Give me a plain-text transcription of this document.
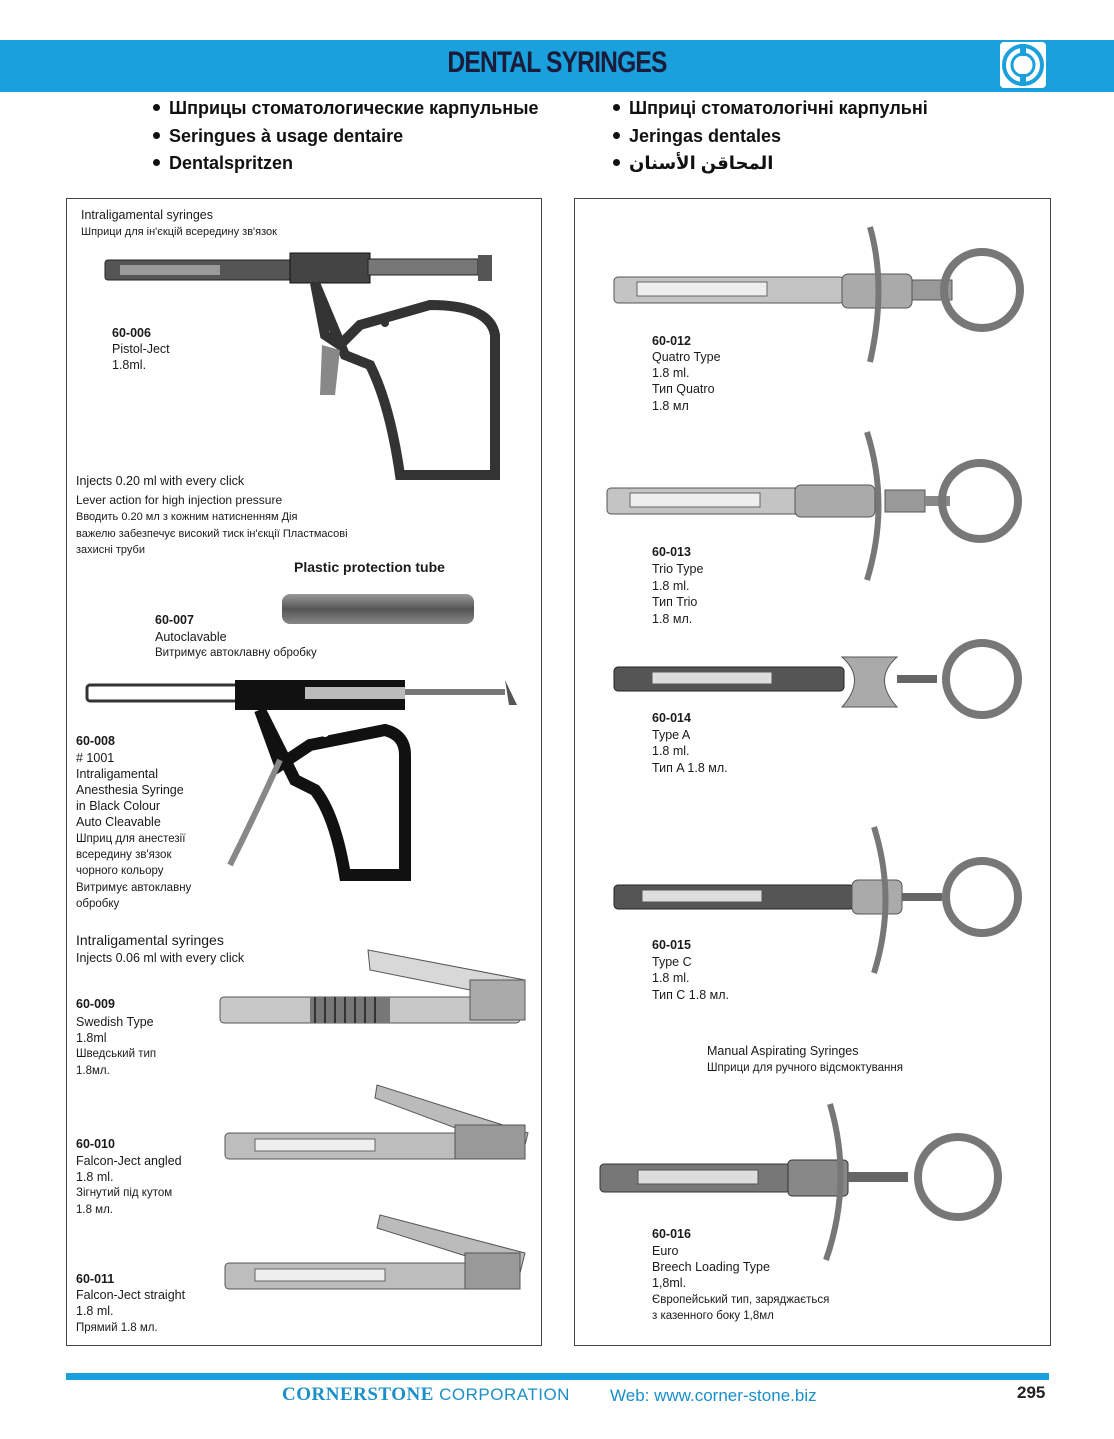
DENTAL SYRINGES
Шприцы стоматологические карпульные
Seringues à usage dentaire
Dentalspritzen
Шприці стоматологічні карпульні
Jeringas dentales
المحاقن الأسنان
Intraligamental syringes
Шприци для ін'єкцій всередину зв'язок
60-006
Pistol-Ject
1.8ml.
Injects 0.20 ml with every click
Lever action for high injection pressure
Вводить 0.20 мл з кожним натисненням Дія
важелю забезпечує високий тиск ін'єкції Пластмасові
захисні труби
Plastic protection tube
60-007
Autoclavable
Витримує автоклавну обробку
60-008
# 1001
Intraligamental
Anesthesia Syringe
in Black Colour
Auto Cleavable
Шприц для анестезії
всередину зв'язок
чорного кольору
Витримує автоклавну
обробку
Intraligamental syringes
Injects 0.06 ml with every click
60-009
Swedish Type
1.8ml
Шведський тип
1.8мл.
60-010
Falcon-Ject angled
1.8 ml.
Зігнутий під кутом
1.8 мл.
60-011
Falcon-Ject straight
1.8 ml.
Прямий 1.8 мл.
60-012
Quatro Type
1.8 ml.
Тип Quatro
1.8 мл
60-013
Trio Type
1.8 ml.
Тип Trio
1.8 мл.
60-014
Type A
1.8 ml.
Тип A 1.8 мл.
60-015
Type C
1.8 ml.
Тип C 1.8 мл.
Manual Aspirating Syringes
Шприци для ручного відсмоктування
60-016
Euro
Breech Loading Type
1,8ml.
Європейський тип, заряджається
з казенного боку 1,8мл
CORNERSTONE CORPORATION Web: www.corner-stone.biz	295
